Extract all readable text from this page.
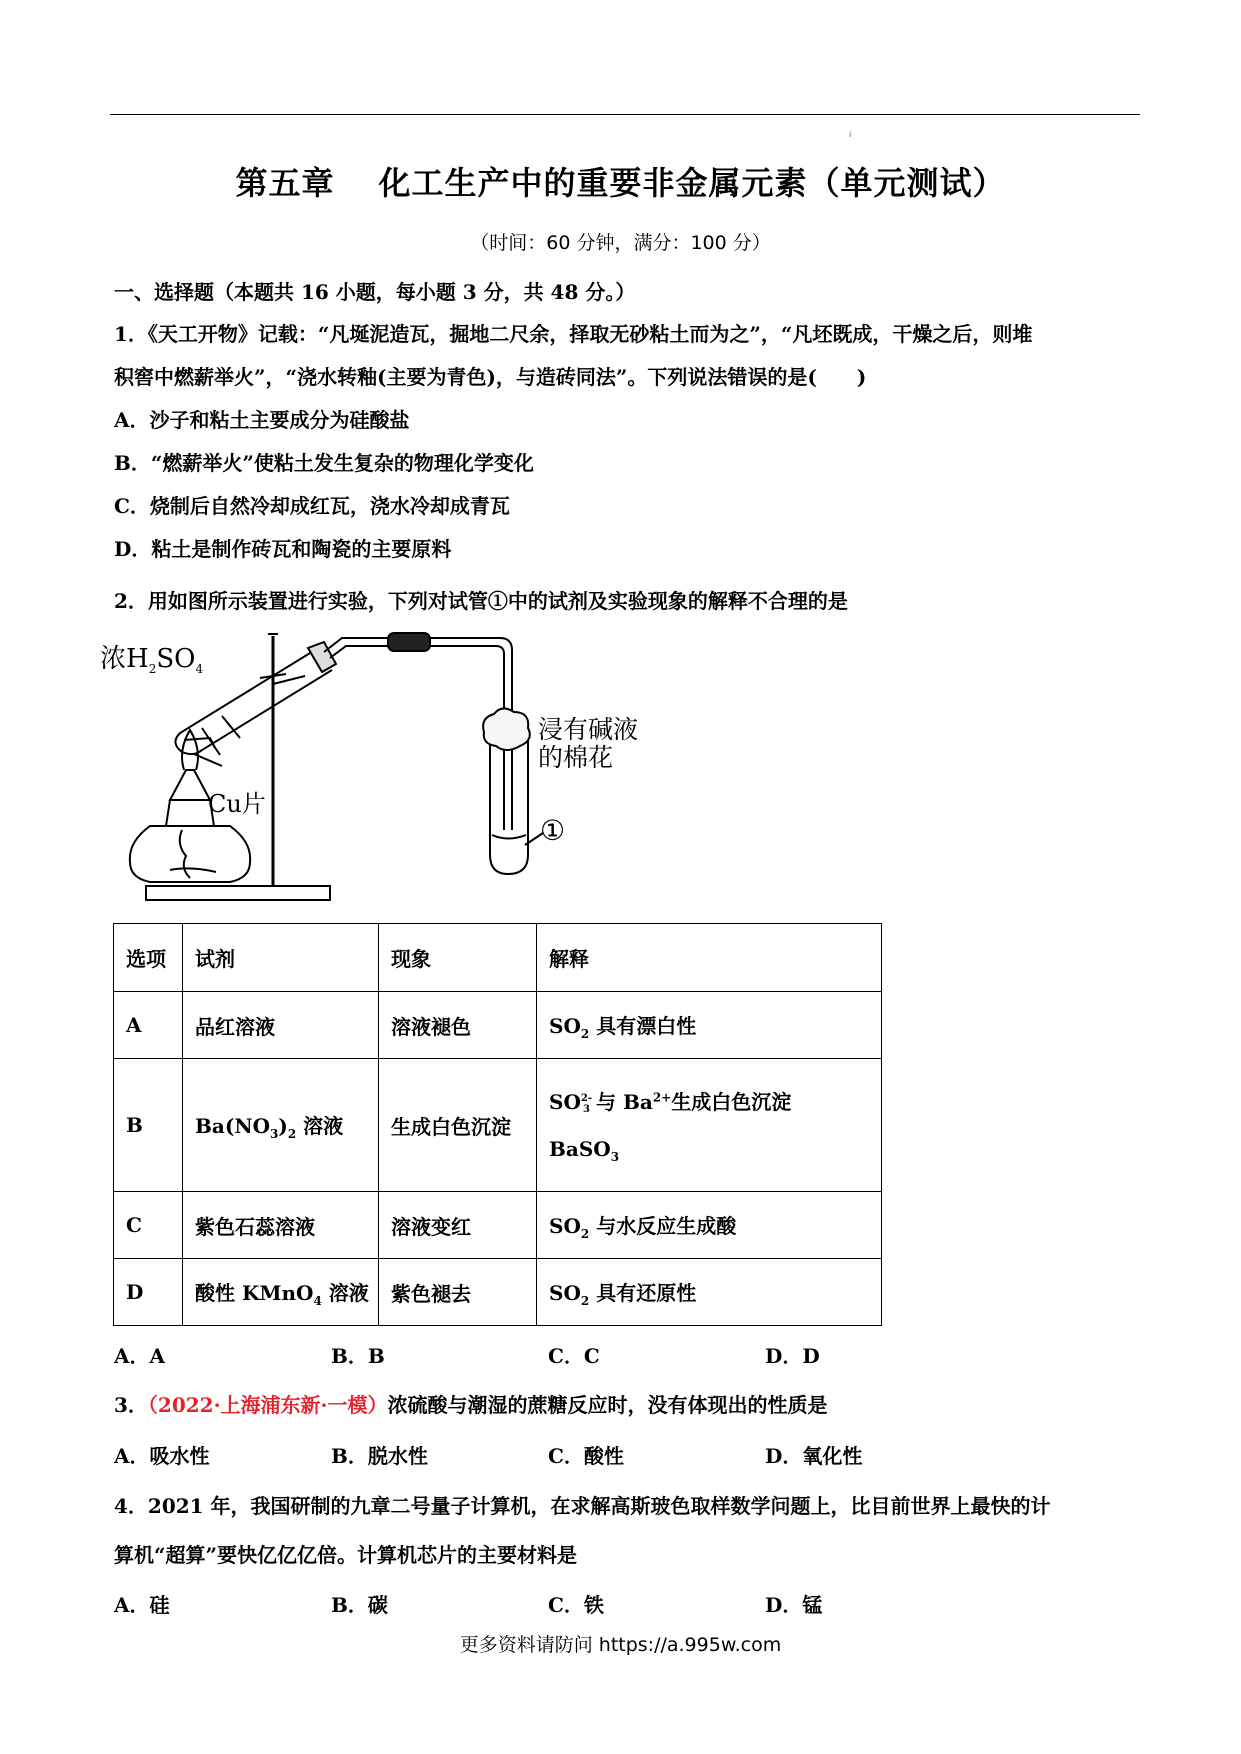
i
第五章 化工生产中的重要非金属元素（单元测试）
（时间：60 分钟，满分：100 分）
一、选择题（本题共 16 小题，每小题 3 分，共 48 分。）
1．《天工开物》记载：“凡埏泥造瓦，掘地二尺余，择取无砂粘土而为之”，“凡坯既成，干燥之后，则堆
积窖中燃薪举火”，“浇水转釉(主要为青色)，与造砖同法”。下列说法错误的是(　　)
A．沙子和粘土主要成分为硅酸盐
B．“燃薪举火”使粘土发生复杂的物理化学变化
C．烧制后自然冷却成红瓦，浇水冷却成青瓦
D．粘土是制作砖瓦和陶瓷的主要原料
2．用如图所示装置进行实验，下列对试管①中的试剂及实验现象的解释不合理的是
浓$H_2SO_4$
Cu片
浸有碱液
的棉花
①
选项	试剂	现象	解释
A	品红溶液	溶液褪色	$SO_2$ 具有漂白性
B	$Ba(NO_3)_2$ 溶液	生成白色沉淀	SO 2-
3 与 $Ba^{2+}$生成白色沉淀
BaSO$_3$

C	紫色石蕊溶液	溶液变红	$SO_2$ 与水反应生成酸
D	酸性 KMnO$_4$ 溶液	紫色褪去	$SO_2$ 具有还原性
A．A	B．B	C．C	D．D
3．（2022·上海浦东新·一模）浓硫酸与潮湿的蔗糖反应时，没有体现出的性质是
A．吸水性	B．脱水性	C．酸性	D．氧化性
4．2021 年，我国研制的九章二号量子计算机，在求解高斯玻色取样数学问题上，比目前世界上最快的计
算机“超算”要快亿亿亿倍。计算机芯片的主要材料是
A．硅	B．碳	C．铁	D．锰
更多资料请防问 https://a.995w.com
